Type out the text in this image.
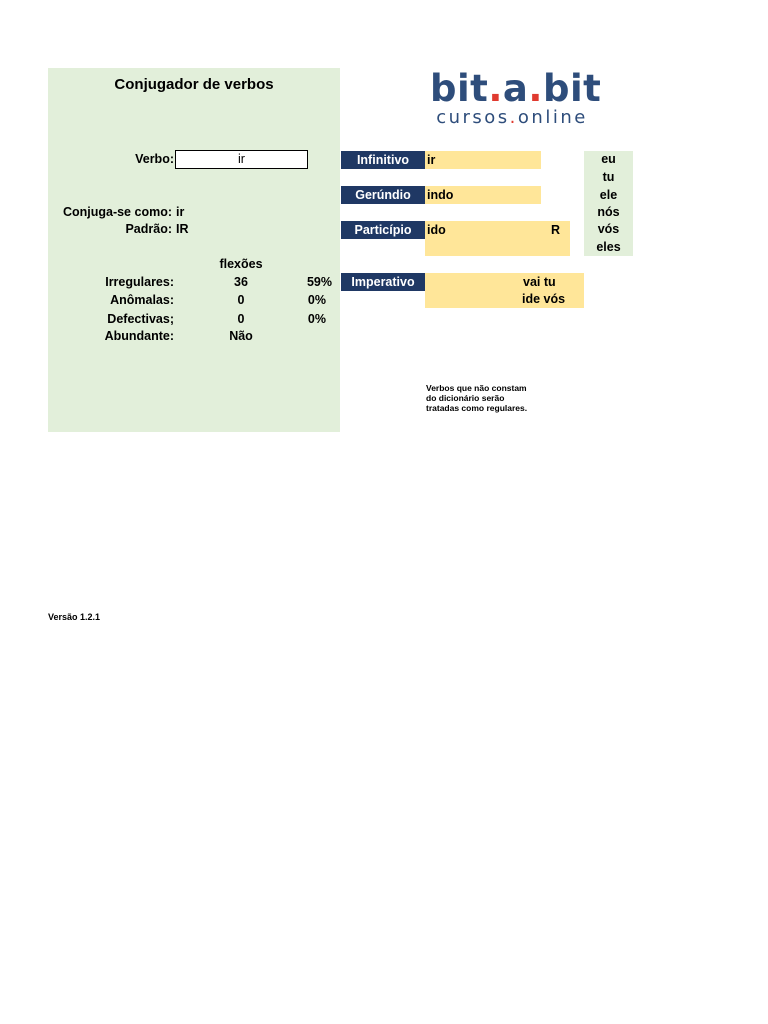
Conjugador de verbos
Verbo:	ir
Conjuga-se como: ir
Padrão: IR
flexões
Irregulares:	36	59%
Anômalas:	0	0%
Defectivas;	0	0%
Abundante:	Não
bit.a.bit
cursos.online
Infinitivo	ir
Gerúndio	indo
Particípio	ido	R
Imperativo	vai tu
ide vós
eu
tu
ele
nós
vós
eles
Verbos que não constam
do dicionário serão
tratadas como regulares.
Versão 1.2.1
